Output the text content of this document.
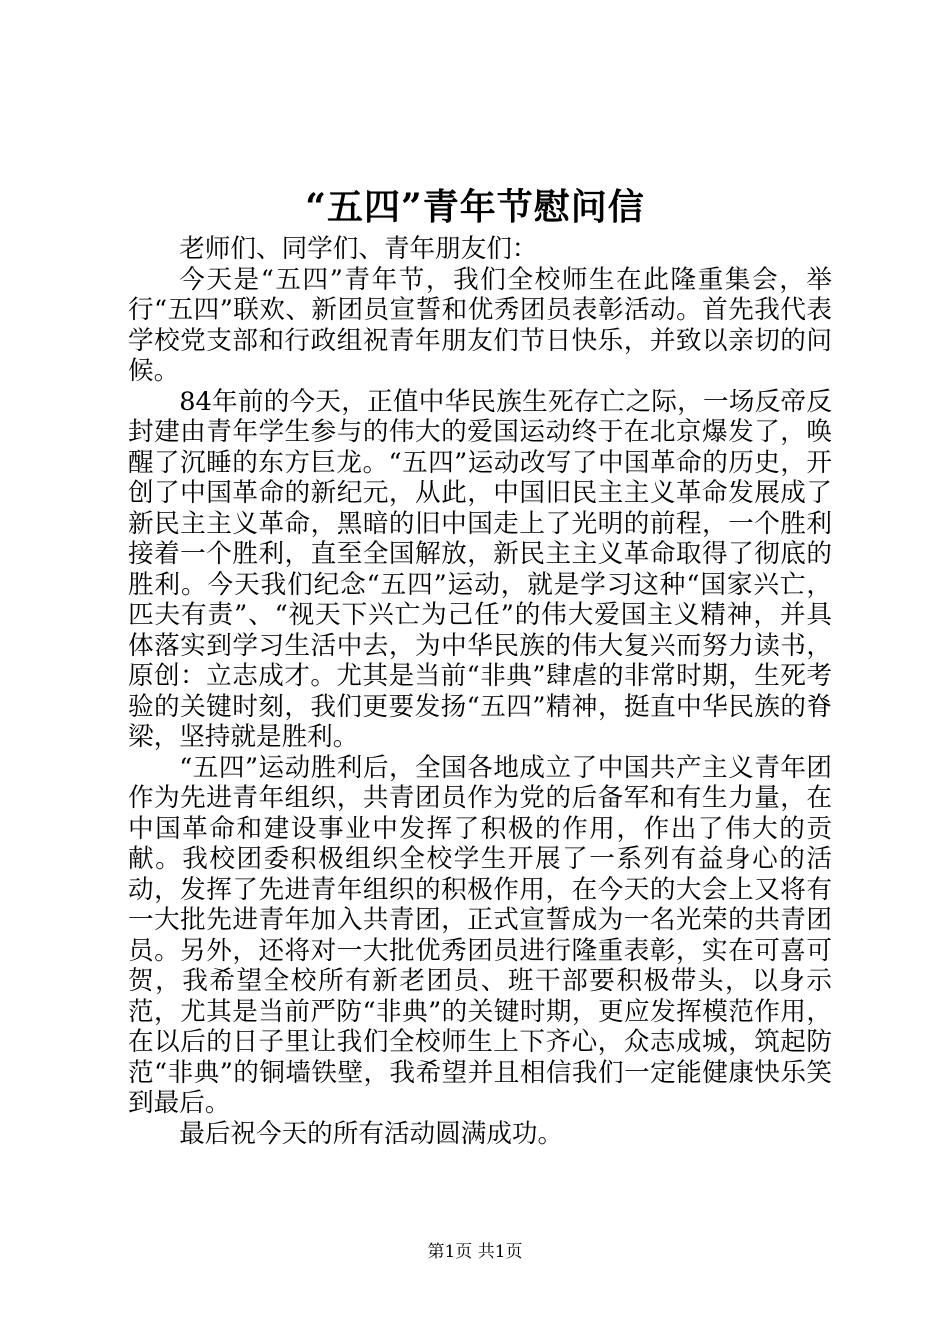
“五四”青年节慰问信

老师们、同学们、青年朋友们：

今天是“五四”青年节，我们全校师生在此隆重集会，举行“五四”联欢、新团员宣誓和优秀团员表彰活动。首先我代表学校党支部和行政组祝青年朋友们节日快乐，并致以亲切的问候。

84年前的今天，正值中华民族生死存亡之际，一场反帝反封建由青年学生参与的伟大的爱国运动终于在北京爆发了，唤醒了沉睡的东方巨龙。“五四”运动改写了中国革命的历史，开创了中国革命的新纪元，从此，中国旧民主主义革命发展成了新民主主义革命，黑暗的旧中国走上了光明的前程，一个胜利接着一个胜利，直至全国解放，新民主主义革命取得了彻底的胜利。今天我们纪念“五四”运动，就是学习这种“国家兴亡，匹夫有责”、“视天下兴亡为己任”的伟大爱国主义精神，并具体落实到学习生活中去，为中华民族的伟大复兴而努力读书，原创：立志成才。尤其是当前“非典”肆虐的非常时期，生死考验的关键时刻，我们更要发扬“五四”精神，挺直中华民族的脊梁，坚持就是胜利。

“五四”运动胜利后，全国各地成立了中国共产主义青年团作为先进青年组织，共青团员作为党的后备军和有生力量，在中国革命和建设事业中发挥了积极的作用，作出了伟大的贡献。我校团委积极组织全校学生开展了一系列有益身心的活动，发挥了先进青年组织的积极作用，在今天的大会上又将有一大批先进青年加入共青团，正式宣誓成为一名光荣的共青团员。另外，还将对一大批优秀团员进行隆重表彰，实在可喜可贺，我希望全校所有新老团员、班干部要积极带头，以身示范，尤其是当前严防“非典”的关键时期，更应发挥模范作用，在以后的日子里让我们全校师生上下齐心，众志成城，筑起防范“非典”的铜墙铁壁，我希望并且相信我们一定能健康快乐笑到最后。

最后祝今天的所有活动圆满成功。

第1页 共1页
